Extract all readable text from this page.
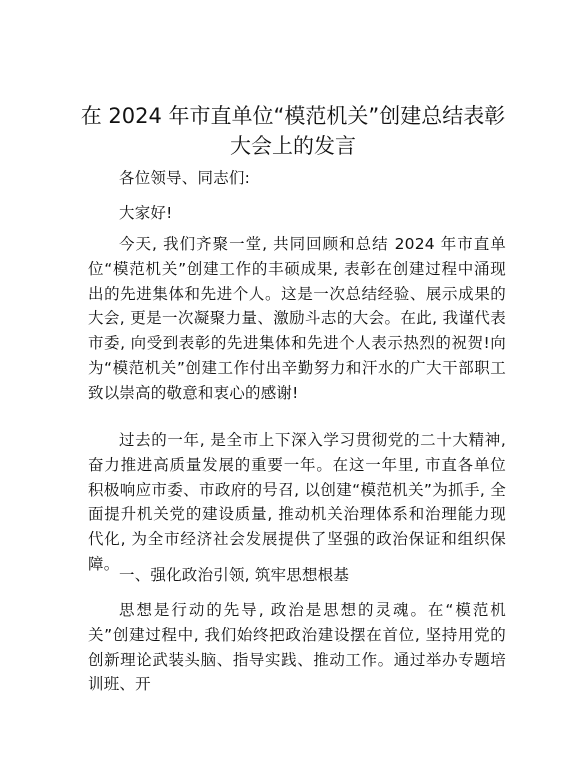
在 2024 年市直单位“模范机关”创建总结表彰
大会上的发言

各位领导、同志们:

大家好!

今天, 我们齐聚一堂, 共同回顾和总结 2024 年市直单位“模范机关”创建工作的丰硕成果, 表彰在创建过程中涌现出的先进集体和先进个人。这是一次总结经验、展示成果的大会, 更是一次凝聚力量、激励斗志的大会。在此, 我谨代表市委, 向受到表彰的先进集体和先进个人表示热烈的祝贺!向为“模范机关”创建工作付出辛勤努力和汗水的广大干部职工致以崇高的敬意和衷心的感谢!

过去的一年, 是全市上下深入学习贯彻党的二十大精神, 奋力推进高质量发展的重要一年。在这一年里, 市直各单位积极响应市委、市政府的号召, 以创建“模范机关”为抓手, 全面提升机关党的建设质量, 推动机关治理体系和治理能力现代化, 为全市经济社会发展提供了坚强的政治保证和组织保障。

一、强化政治引领, 筑牢思想根基

思想是行动的先导, 政治是思想的灵魂。在“模范机关”创建过程中, 我们始终把政治建设摆在首位, 坚持用党的创新理论武装头脑、指导实践、推动工作。通过举办专题培训班、开
